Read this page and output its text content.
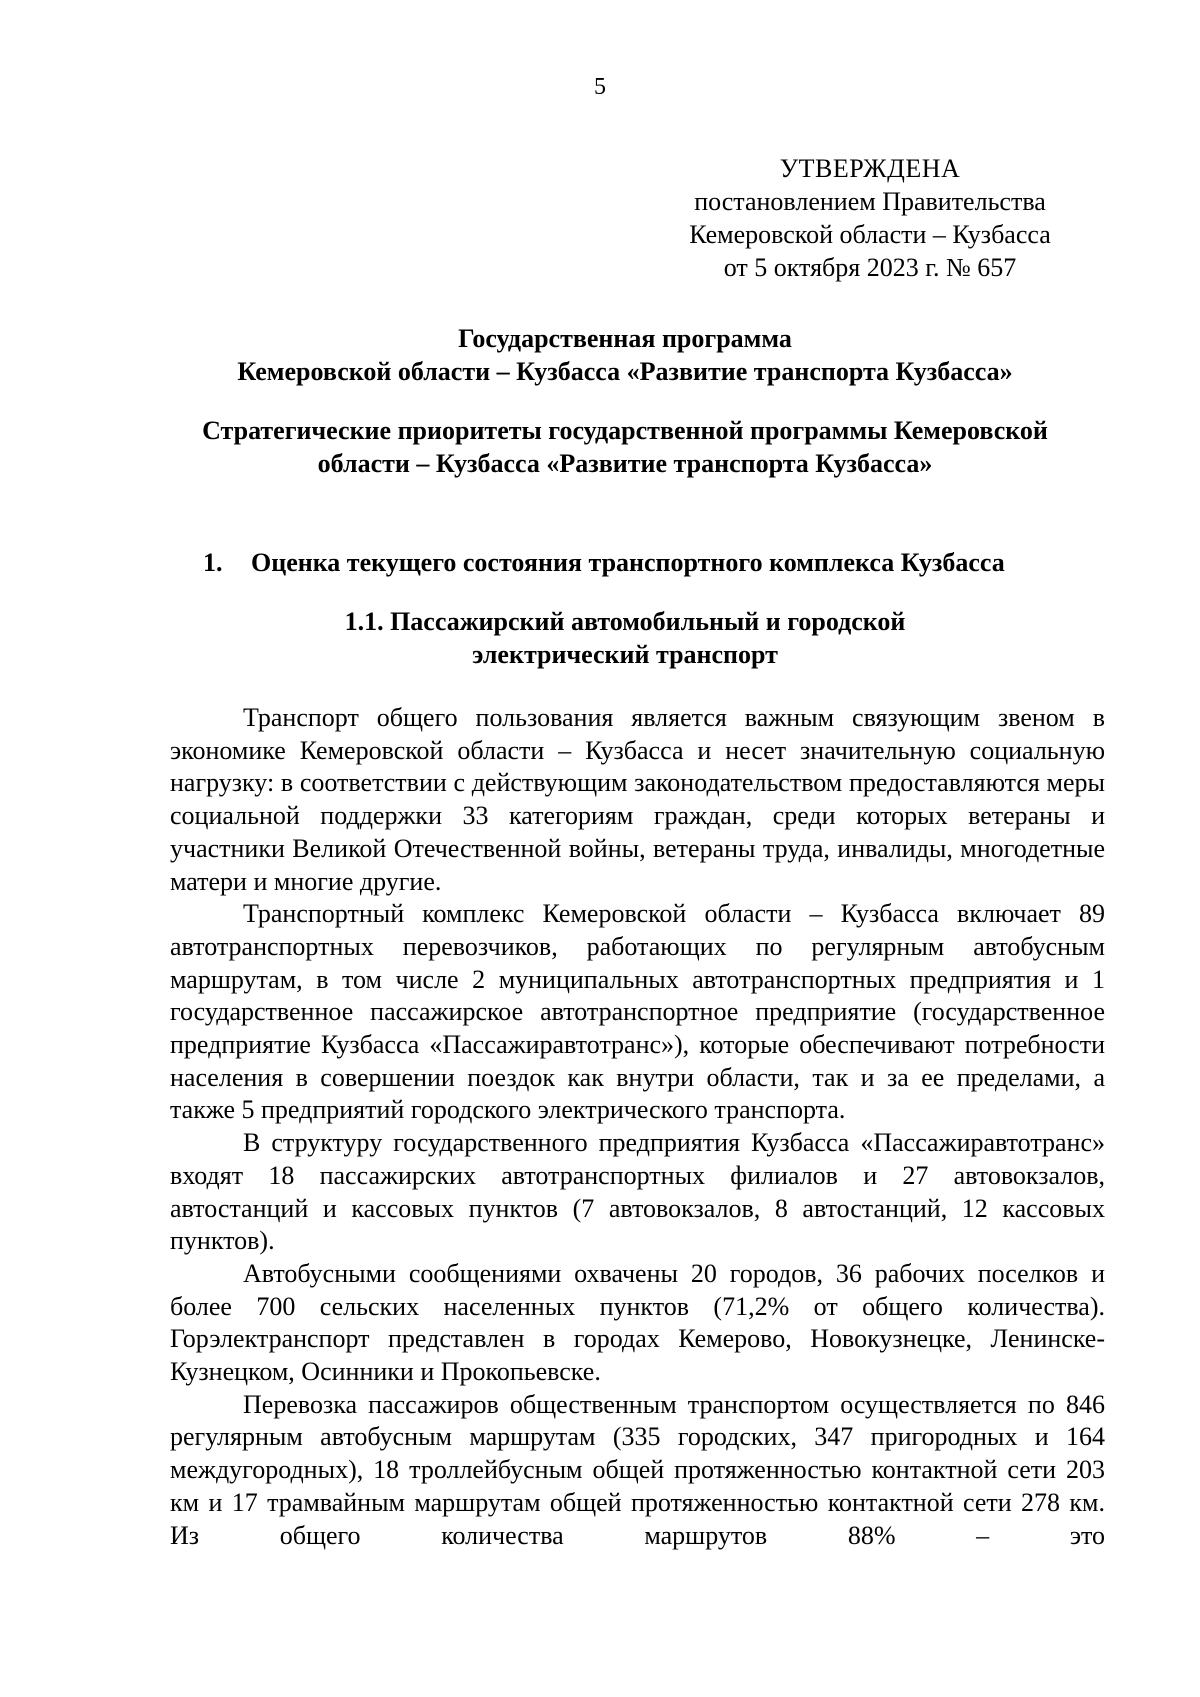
5
УТВЕРЖДЕНА
постановлением Правительства
Кемеровской области – Кузбасса
от 5 октября 2023 г. № 657
Государственная программа
Кемеровской области – Кузбасса «Развитие транспорта Кузбасса»
Стратегические приоритеты государственной программы Кемеровской
области – Кузбасса «Развитие транспорта Кузбасса»
1. Оценка текущего состояния транспортного комплекса Кузбасса
1.1. Пассажирский автомобильный и городской
электрический транспорт

Транспорт общего пользования является важным связующим звеном в экономике Кемеровской области – Кузбасса и несет значительную социальную нагрузку: в соответствии с действующим законодательством предоставляются меры социальной поддержки 33 категориям граждан, среди которых ветераны и участники Великой Отечественной войны, ветераны труда, инвалиды, многодетные матери и многие другие.

Транспортный комплекс Кемеровской области – Кузбасса включает 89 автотранспортных перевозчиков, работающих по регулярным автобусным маршрутам, в том числе 2 муниципальных автотранспортных предприятия и 1 государственное пассажирское автотранспортное предприятие (государственное предприятие Кузбасса «Пассажиравтотранс»), которые обеспечивают потребности населения в совершении поездок как внутри области, так и за ее пределами, а также 5 предприятий городского электрического транспорта.

В структуру государственного предприятия Кузбасса «Пассажиравтотранс» входят 18 пассажирских автотранспортных филиалов и 27 автовокзалов, автостанций и кассовых пунктов (7 автовокзалов, 8 автостанций, 12 кассовых пунктов).

Автобусными сообщениями охвачены 20 городов, 36 рабочих поселков и более 700 сельских населенных пунктов (71,2% от общего количества). Горэлектранспорт представлен в городах Кемерово, Новокузнецке, Ленинске-Кузнецком, Осинники и Прокопьевске.

Перевозка пассажиров общественным транспортом осуществляется по 846 регулярным автобусным маршрутам (335 городских, 347 пригородных и 164 междугородных), 18 троллейбусным общей протяженностью контактной сети 203 км и 17 трамвайным маршрутам общей протяженностью контактной сети 278 км. Из общего количества маршрутов 88% – это
